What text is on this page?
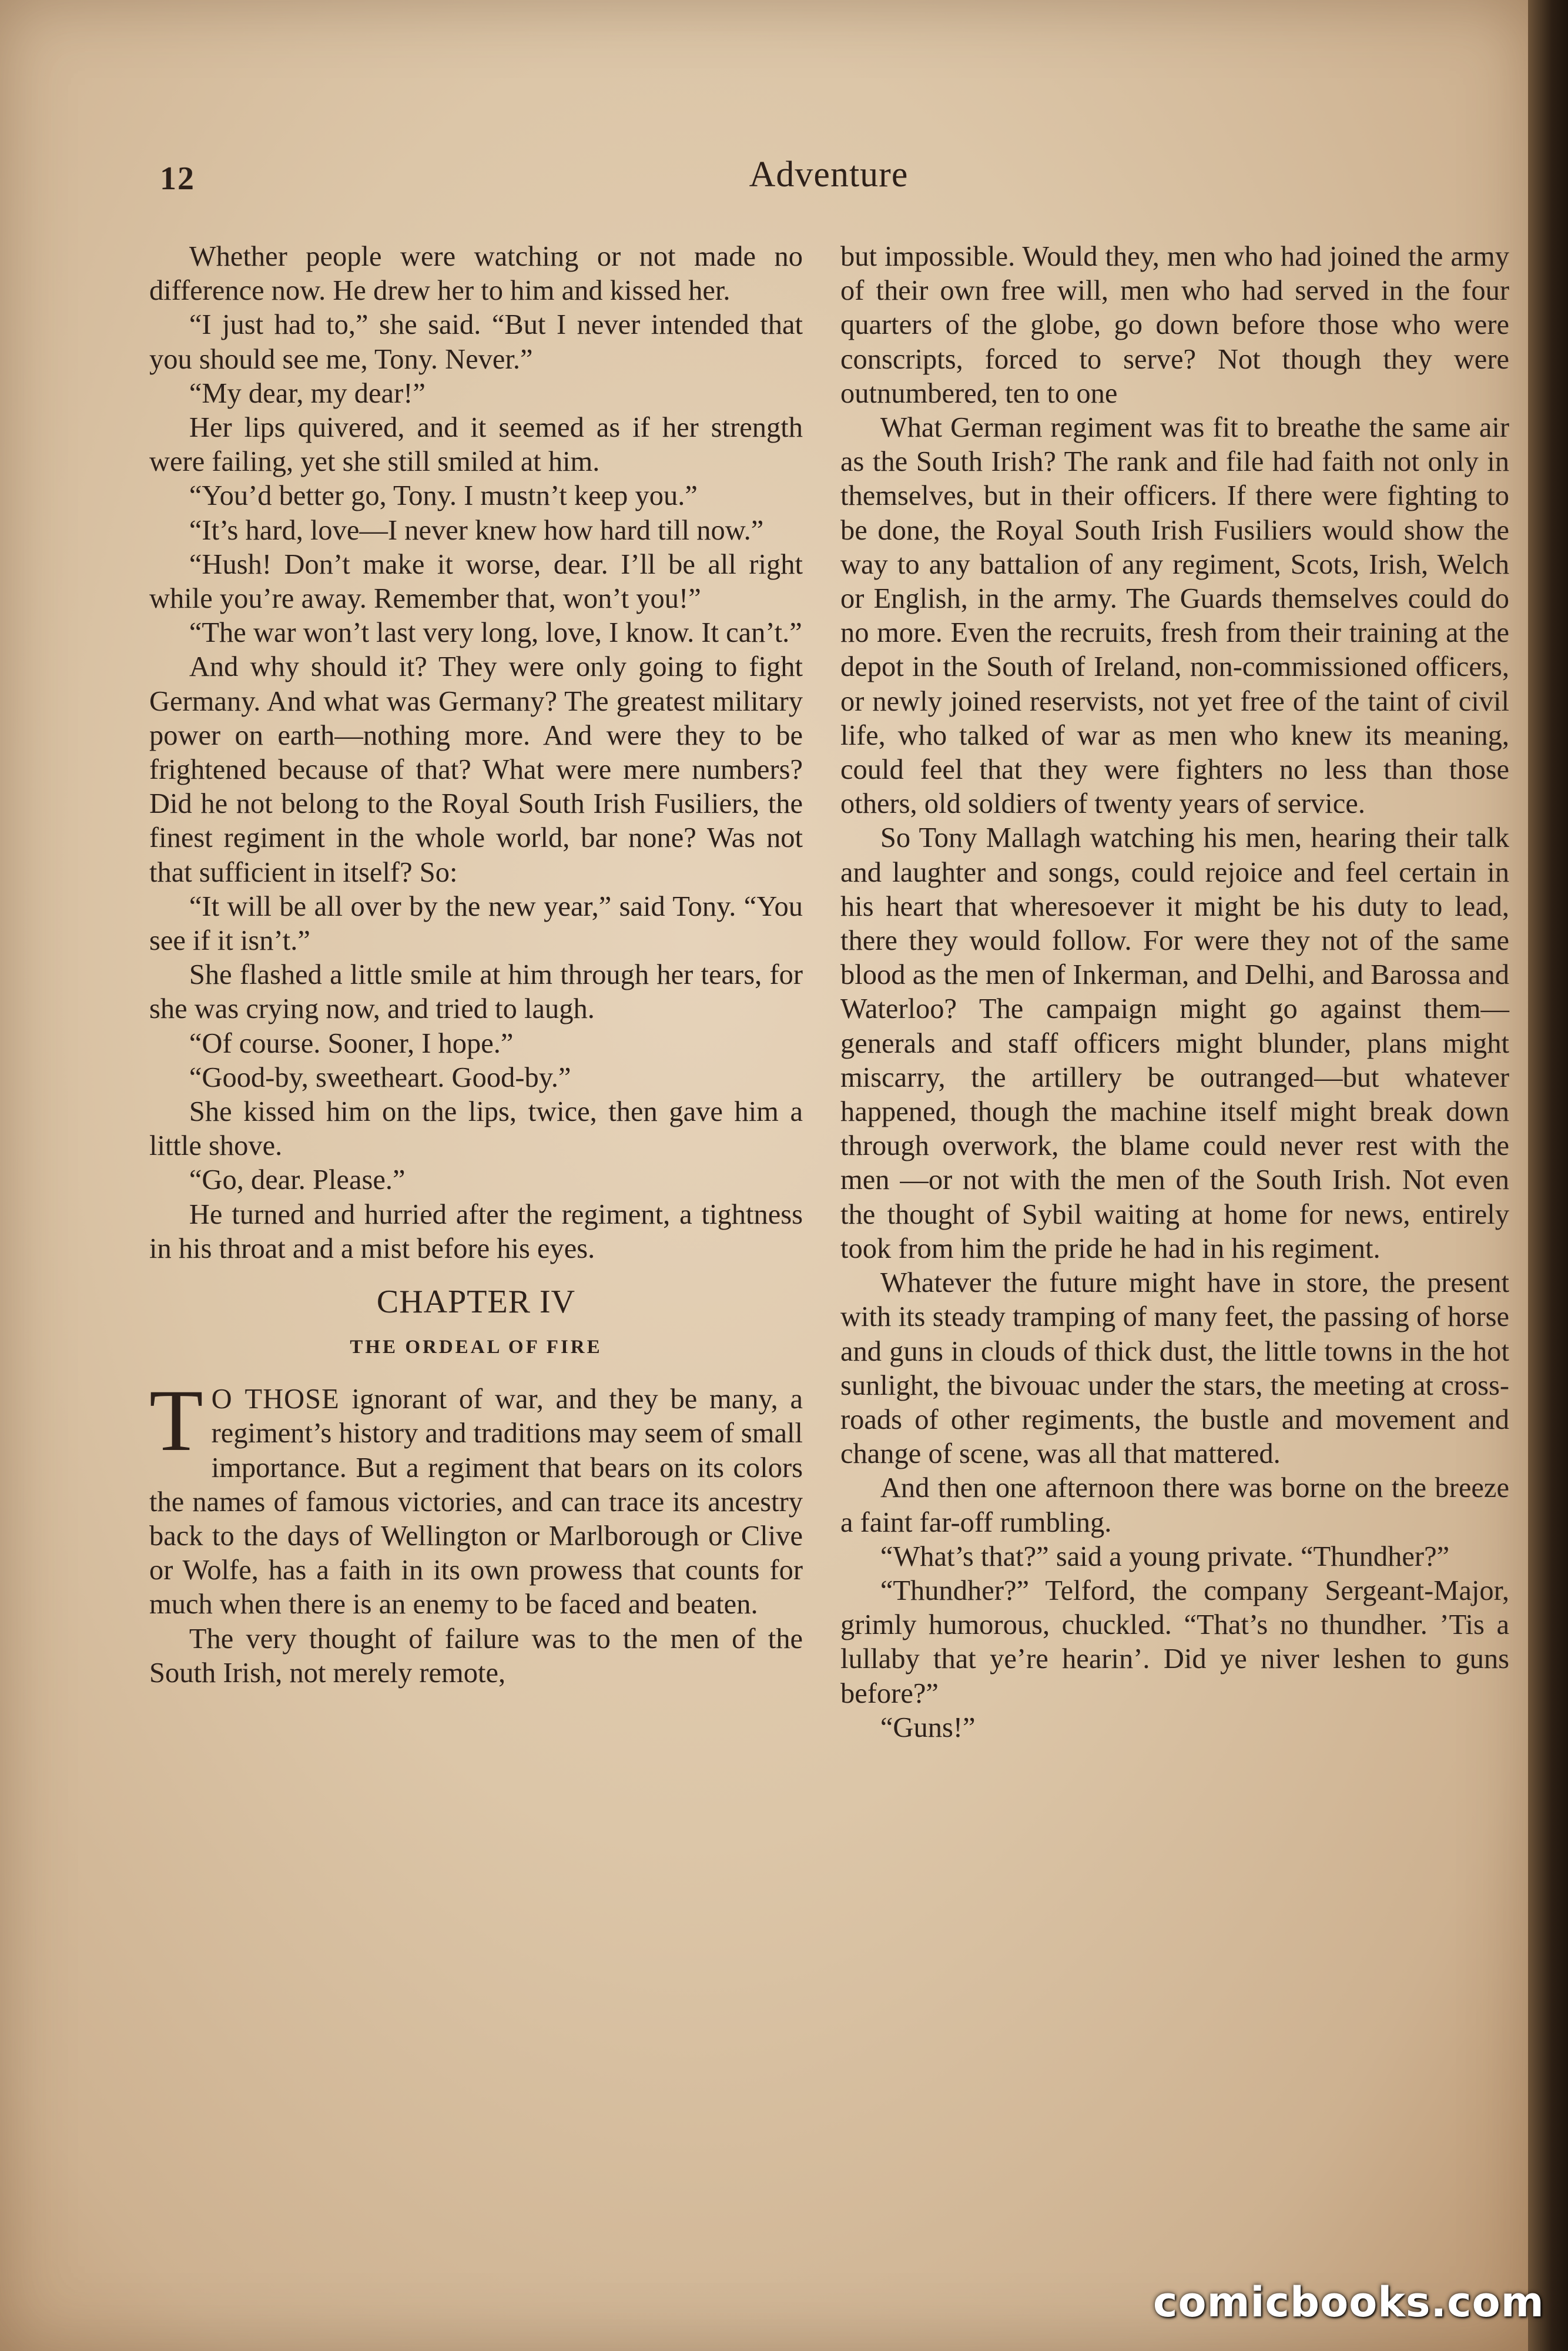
12	Adventure

Whether people were watching or not made no difference now. He drew her to him and kissed her.

“I just had to,” she said. “But I never intended that you should see me, Tony. Never.”

“My dear, my dear!”

Her lips quivered, and it seemed as if her strength were failing, yet she still smiled at him.

“You’d better go, Tony. I mustn’t keep you.”

“It’s hard, love—I never knew how hard till now.”

“Hush! Don’t make it worse, dear. I’ll be all right while you’re away. Remember that, won’t you!”

“The war won’t last very long, love, I know. It can’t.”

And why should it? They were only going to fight Germany. And what was Germany? The greatest military power on earth—nothing more. And were they to be frightened because of that? What were mere numbers? Did he not belong to the Royal South Irish Fusiliers, the finest regiment in the whole world, bar none? Was not that sufficient in itself? So:

“It will be all over by the new year,” said Tony. “You see if it isn’t.”

She flashed a little smile at him through her tears, for she was crying now, and tried to laugh.

“Of course. Sooner, I hope.”

“Good-by, sweetheart. Good-by.”

She kissed him on the lips, twice, then gave him a little shove.

“Go, dear. Please.”

He turned and hurried after the regiment, a tightness in his throat and a mist before his eyes.

CHAPTER IV
THE ORDEAL OF FIRE

T O THOSE ignorant of war, and they be many, a regiment’s history and traditions may seem of small importance. But a regiment that bears on its colors the names of famous victories, and can trace its ancestry back to the days of Wellington or Marlborough or Clive or Wolfe, has a faith in its own prowess that counts for much when there is an enemy to be faced and beaten.

The very thought of failure was to the men of the South Irish, not merely remote,

but impossible. Would they, men who had joined the army of their own free will, men who had served in the four quarters of the globe, go down before those who were conscripts, forced to serve? Not though they were outnumbered, ten to one

What German regiment was fit to breathe the same air as the South Irish? The rank and file had faith not only in themselves, but in their officers. If there were fighting to be done, the Royal South Irish Fusiliers would show the way to any battalion of any regiment, Scots, Irish, Welch or English, in the army. The Guards themselves could do no more. Even the recruits, fresh from their training at the depot in the South of Ireland, non-commissioned officers, or newly joined reservists, not yet free of the taint of civil life, who talked of war as men who knew its meaning, could feel that they were fighters no less than those others, old soldiers of twenty years of service.

So Tony Mallagh watching his men, hearing their talk and laughter and songs, could rejoice and feel certain in his heart that wheresoever it might be his duty to lead, there they would follow. For were they not of the same blood as the men of Inkerman, and Delhi, and Barossa and Waterloo? The campaign might go against them—generals and staff officers might blunder, plans might miscarry, the artillery be outranged—but whatever happened, though the machine itself might break down through overwork, the blame could never rest with the men —or not with the men of the South Irish. Not even the thought of Sybil waiting at home for news, entirely took from him the pride he had in his regiment.

Whatever the future might have in store, the present with its steady tramping of many feet, the passing of horse and guns in clouds of thick dust, the little towns in the hot sunlight, the bivouac under the stars, the meeting at cross-roads of other regiments, the bustle and movement and change of scene, was all that mattered.

And then one afternoon there was borne on the breeze a faint far-off rumbling.

“What’s that?” said a young private. “Thundher?”

“Thundher?” Telford, the company Sergeant-Major, grimly humorous, chuckled. “That’s no thundher. ’Tis a lullaby that ye’re hearin’. Did ye niver leshen to guns before?”

“Guns!”

comicbooks.com
